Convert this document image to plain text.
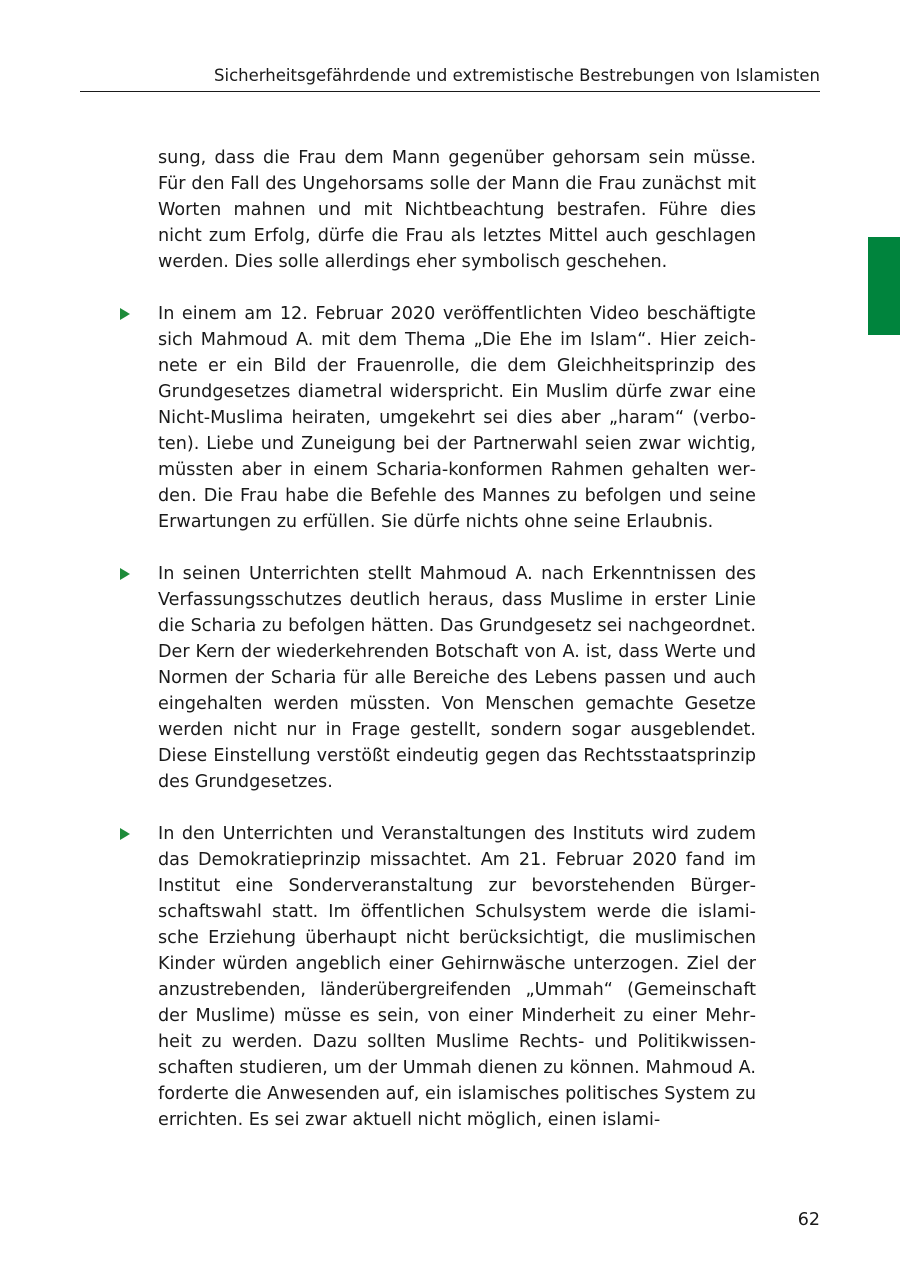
Sicherheitsgefährdende und extremistische Bestrebungen von Islamisten

sung, dass die Frau dem Mann gegenüber gehorsam sein müsse. Für den Fall des Ungehorsams solle der Mann die Frau zunächst mit Worten mahnen und mit Nichtbeachtung bestrafen. Führe dies nicht zum Erfolg, dürfe die Frau als letztes Mittel auch geschlagen werden. Dies solle allerdings eher symbolisch geschehen.

In einem am 12. Februar 2020 veröffentlichten Video beschäftigte sich Mahmoud A. mit dem Thema „Die Ehe im Islam“. Hier zeichnete er ein Bild der Frauenrolle, die dem Gleichheitsprinzip des Grundgesetzes diametral widerspricht. Ein Muslim dürfe zwar eine Nicht-Muslima heiraten, umgekehrt sei dies aber „haram“ (verboten). Liebe und Zuneigung bei der Partnerwahl seien zwar wichtig, müssten aber in einem Scharia-konformen Rahmen gehalten werden. Die Frau habe die Befehle des Mannes zu befolgen und seine Erwartungen zu erfüllen. Sie dürfe nichts ohne seine Erlaubnis.

In seinen Unterrichten stellt Mahmoud A. nach Erkenntnissen des Verfassungsschutzes deutlich heraus, dass Muslime in erster Linie die Scharia zu befolgen hätten. Das Grundgesetz sei nachgeordnet. Der Kern der wiederkehrenden Botschaft von A. ist, dass Werte und Normen der Scharia für alle Bereiche des Lebens passen und auch eingehalten werden müssten. Von Menschen gemachte Gesetze werden nicht nur in Frage gestellt, sondern sogar ausgeblendet. Diese Einstellung verstößt eindeutig gegen das Rechtsstaatsprinzip des Grundgesetzes.

In den Unterrichten und Veranstaltungen des Instituts wird zudem das Demokratieprinzip missachtet. Am 21. Februar 2020 fand im Institut eine Sonderveranstaltung zur bevorstehenden Bürgerschaftswahl statt. Im öffentlichen Schulsystem werde die islamische Erziehung überhaupt nicht berücksichtigt, die muslimischen Kinder würden angeblich einer Gehirnwäsche unterzogen. Ziel der anzustrebenden, länderübergreifenden „Ummah“ (Gemeinschaft der Muslime) müsse es sein, von einer Minderheit zu einer Mehrheit zu werden. Dazu sollten Muslime Rechts- und Politikwissenschaften studieren, um der Ummah dienen zu können. Mahmoud A. forderte die Anwesenden auf, ein islamisches politisches System zu errichten. Es sei zwar aktuell nicht möglich, einen islami-

62
